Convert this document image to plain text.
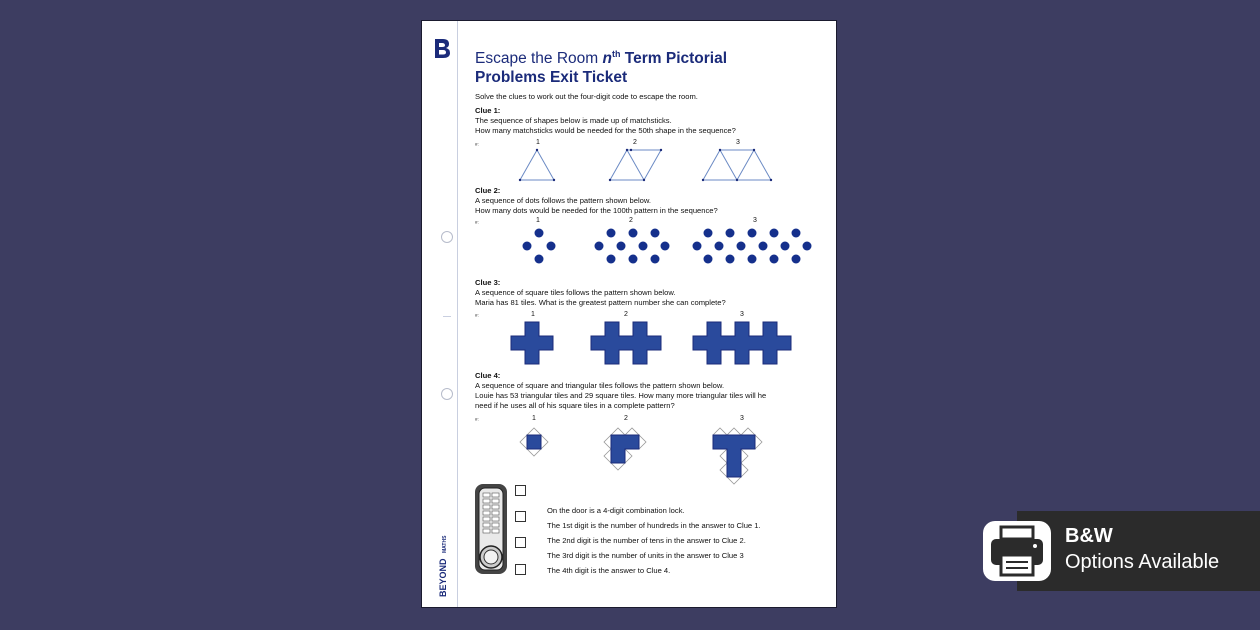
BEYOND
MATHS
Escape the Room $n^{th}$ Term Pictorial
Problems Exit Ticket
Solve the clues to work out the four-digit code to escape the room.
Clue 1:
The sequence of shapes below is made up of matchsticks.
How many matchsticks would be needed for the 50th shape in the sequence?
#:	1	2	3
Clue 2:
A sequence of dots follows the pattern shown below.
How many dots would be needed for the 100th pattern in the sequence?
#:	1	2	3
Clue 3:
A sequence of square tiles follows the pattern shown below.
Maria has 81 tiles. What is the greatest pattern number she can complete?
#:	1	2	3
Clue 4:
A sequence of square and triangular tiles follows the pattern shown below.
Louie has 53 triangular tiles and 29 square tiles. How many more triangular tiles will he
need if he uses all of his square tiles in a complete pattern?
#:	1	2	3
On the door is a 4-digit combination lock.
The 1st digit is the number of hundreds in the answer to Clue 1.
The 2nd digit is the number of tens in the answer to Clue 2.
The 3rd digit is the number of units in the answer to Clue 3
The 4th digit is the answer to Clue 4.
B&W
Options Available
